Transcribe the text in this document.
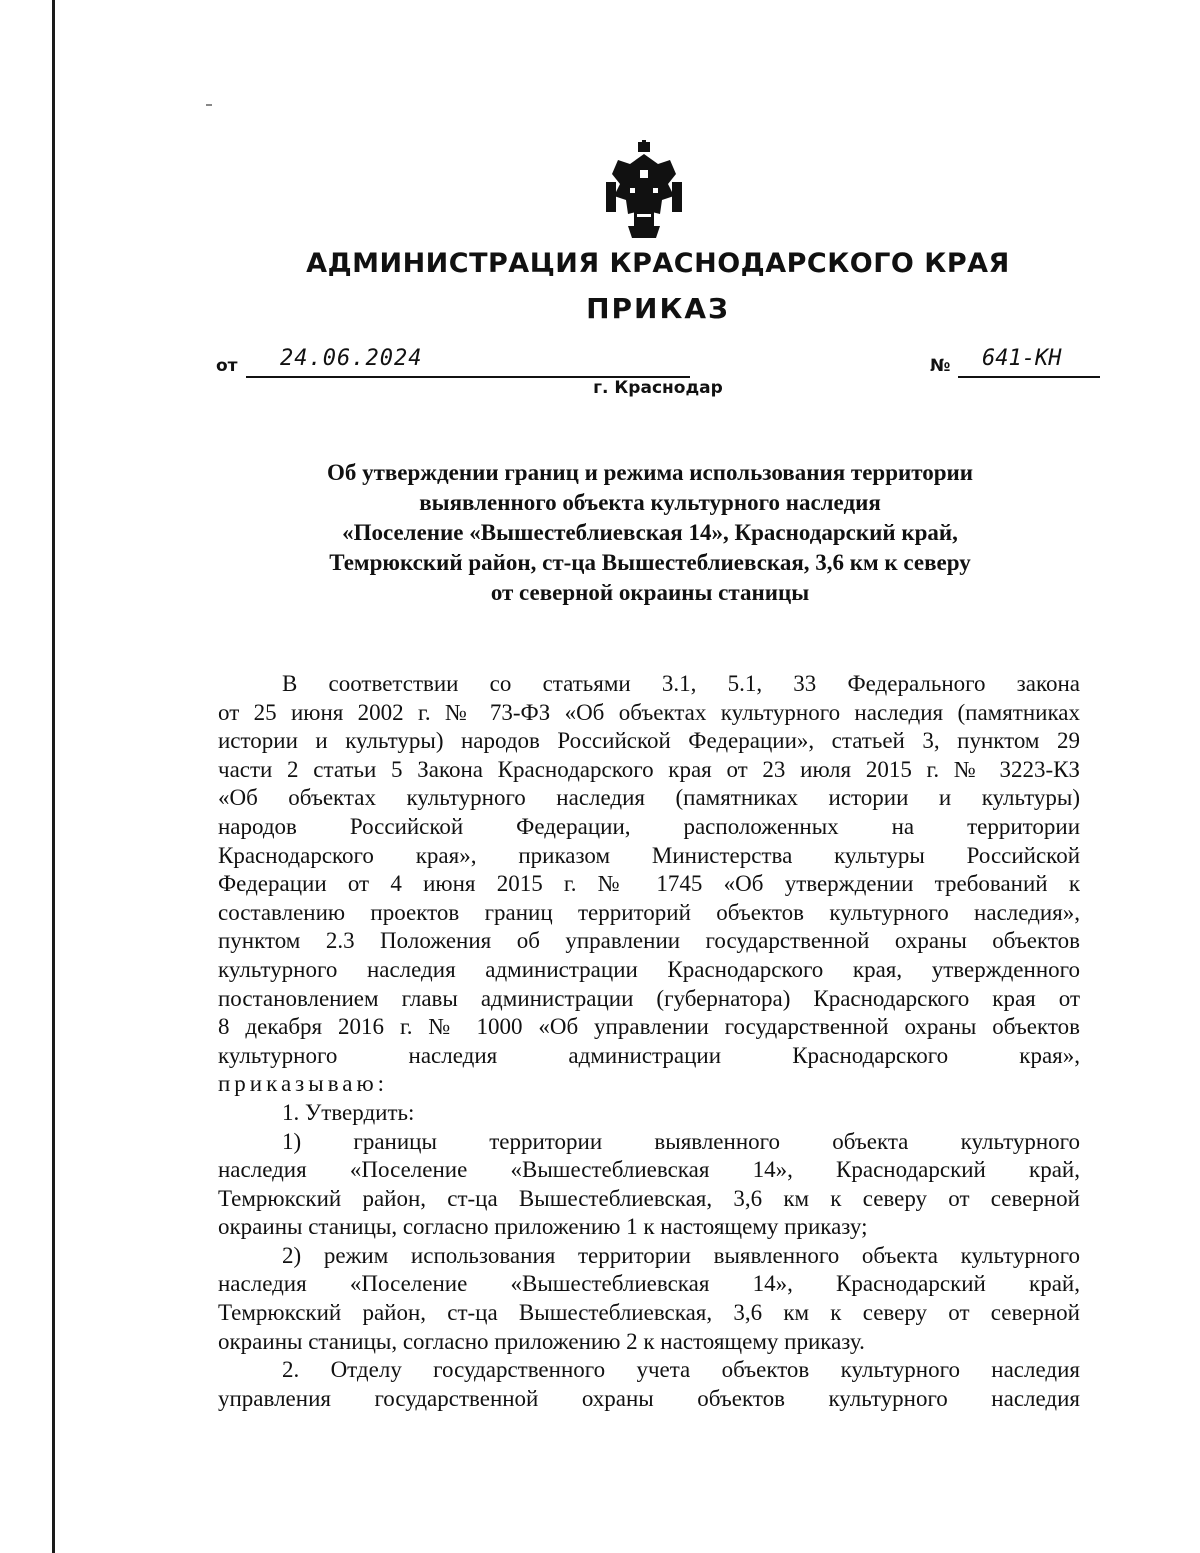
АДМИНИСТРАЦИЯ КРАСНОДАРСКОГО КРАЯ
ПРИКАЗ
от 24.06.2024	№ 641-КН
г. Краснодар
Об утверждении границ и режима использования территории
выявленного объекта культурного наследия
«Поселение «Вышестеблиевская 14», Краснодарский край,
Темрюкский район, ст-ца Вышестеблиевская, 3,6 км к северу
от северной окраины станицы
В соответствии со статьями 3.1, 5.1, 33 Федерального закона
от 25 июня 2002 г. № 73-ФЗ «Об объектах культурного наследия (памятниках
истории и культуры) народов Российской Федерации», статьей 3, пунктом 29
части 2 статьи 5 Закона Краснодарского края от 23 июля 2015 г. № 3223-КЗ
«Об объектах культурного наследия (памятниках истории и культуры)
народов Российской Федерации, расположенных на территории
Краснодарского края», приказом Министерства культуры Российской
Федерации от 4 июня 2015 г. № 1745 «Об утверждении требований к
составлению проектов границ территорий объектов культурного наследия»,
пунктом 2.3 Положения об управлении государственной охраны объектов
культурного наследия администрации Краснодарского края, утвержденного
постановлением главы администрации (губернатора) Краснодарского края от
8 декабря 2016 г. № 1000 «Об управлении государственной охраны объектов
культурного наследия администрации Краснодарского края»,
приказываю:
1. Утвердить:
1) границы территории выявленного объекта культурного
наследия «Поселение «Вышестеблиевская 14», Краснодарский край,
Темрюкский район, ст-ца Вышестеблиевская, 3,6 км к северу от северной
окраины станицы, согласно приложению 1 к настоящему приказу;
2) режим использования территории выявленного объекта культурного
наследия «Поселение «Вышестеблиевская 14», Краснодарский край,
Темрюкский район, ст-ца Вышестеблиевская, 3,6 км к северу от северной
окраины станицы, согласно приложению 2 к настоящему приказу.
2. Отделу государственного учета объектов культурного наследия
управления государственной охраны объектов культурного наследия
